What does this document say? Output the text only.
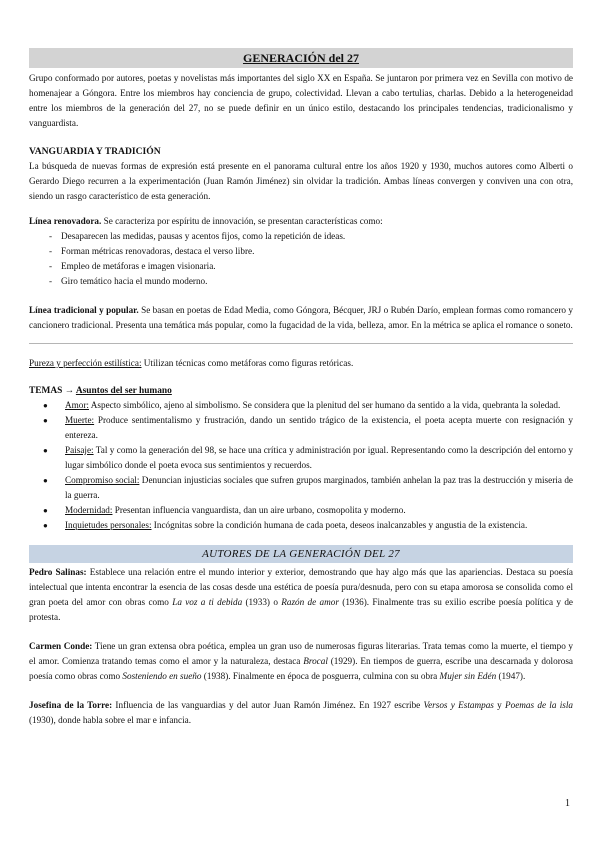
GENERACIÓN del 27

Grupo conformado por autores, poetas y novelistas más importantes del siglo XX en España. Se juntaron por primera vez en Sevilla con motivo de homenajear a Góngora. Entre los miembros hay conciencia de grupo, colectividad. Llevan a cabo tertulias, charlas. Debido a la heterogeneidad entre los miembros de la generación del 27, no se puede definir en un único estilo, destacando los principales tendencias, tradicionalismo y vanguardista.

VANGUARDIA Y TRADICIÓN

La búsqueda de nuevas formas de expresión está presente en el panorama cultural entre los años 1920 y 1930, muchos autores como Alberti o Gerardo Diego recurren a la experimentación (Juan Ramón Jiménez) sin olvidar la tradición. Ambas líneas convergen y conviven una con otra, siendo un rasgo característico de esta generación.

Línea renovadora. Se caracteriza por espíritu de innovación, se presentan características como:

- Desaparecen las medidas, pausas y acentos fijos, como la repetición de ideas.
- Forman métricas renovadoras, destaca el verso libre.
- Empleo de metáforas e imagen visionaria.
- Giro temático hacia el mundo moderno.

Línea tradicional y popular. Se basan en poetas de Edad Media, como Góngora, Bécquer, JRJ o Rubén Darío, emplean formas como romancero y cancionero tradicional. Presenta una temática más popular, como la fugacidad de la vida, belleza, amor. En la métrica se aplica el romance o soneto.

Pureza y perfección estilística: Utilizan técnicas como metáforas como figuras retóricas.

TEMAS → Asuntos del ser humano
● Amor: Aspecto simbólico, ajeno al simbolismo. Se considera que la plenitud del ser humano da sentido a la vida, quebranta la soledad.
● Muerte: Produce sentimentalismo y frustración, dando un sentido trágico de la existencia, el poeta acepta muerte con resignación y entereza.
● Paisaje: Tal y como la generación del 98, se hace una crítica y administración por igual. Representando como la descripción del entorno y lugar simbólico donde el poeta evoca sus sentimientos y recuerdos.
● Compromiso social: Denuncian injusticias sociales que sufren grupos marginados, también anhelan la paz tras la destrucción y miseria de la guerra.
● Modernidad: Presentan influencia vanguardista, dan un aire urbano, cosmopolita y moderno.
● Inquietudes personales: Incógnitas sobre la condición humana de cada poeta, deseos inalcanzables y angustia de la existencia.
AUTORES DE LA GENERACIÓN DEL 27

Pedro Salinas: Establece una relación entre el mundo interior y exterior, demostrando que hay algo más que las apariencias. Destaca su poesía intelectual que intenta encontrar la esencia de las cosas desde una estética de poesía pura/desnuda, pero con su etapa amorosa se consolida como el gran poeta del amor con obras como La voz a ti debida (1933) o Razón de amor (1936). Finalmente tras su exilio escribe poesía política y de protesta.

Carmen Conde: Tiene un gran extensa obra poética, emplea un gran uso de numerosas figuras literarias. Trata temas como la muerte, el tiempo y el amor. Comienza tratando temas como el amor y la naturaleza, destaca Brocal (1929). En tiempos de guerra, escribe una descarnada y dolorosa poesía como obras como Sosteniendo en sueño (1938). Finalmente en época de posguerra, culmina con su obra Mujer sin Edén (1947).

Josefina de la Torre: Influencia de las vanguardias y del autor Juan Ramón Jiménez. En 1927 escribe Versos y Estampas y Poemas de la isla (1930), donde habla sobre el mar e infancia.

1
